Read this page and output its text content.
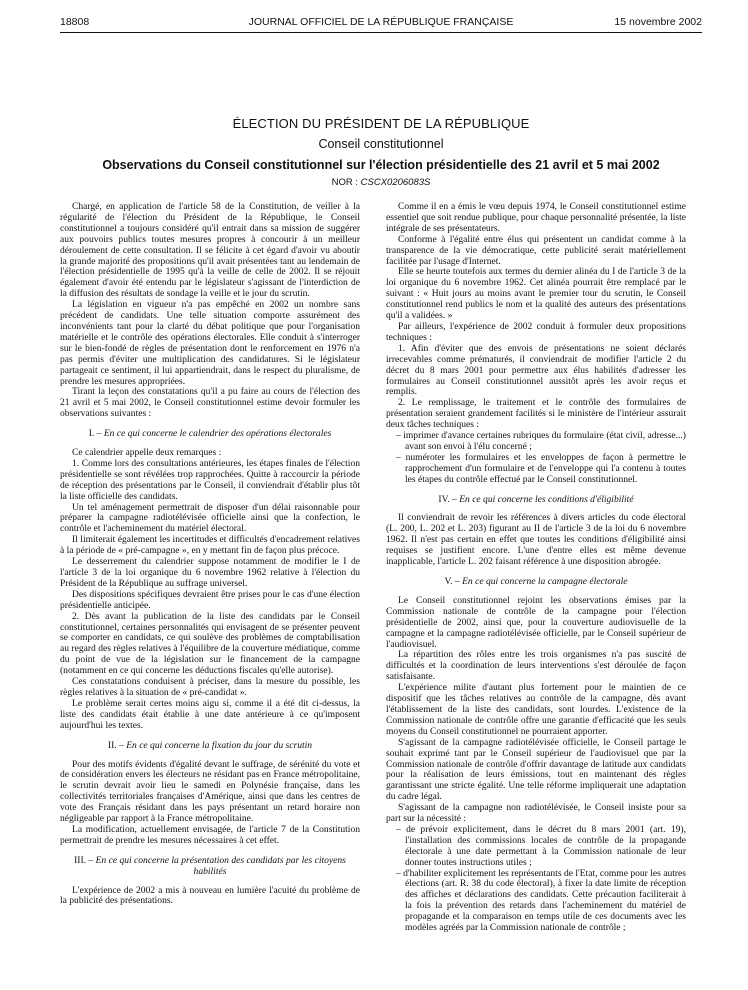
18808	JOURNAL OFFICIEL DE LA RÉPUBLIQUE FRANÇAISE	15 novembre 2002
ÉLECTION DU PRÉSIDENT DE LA RÉPUBLIQUE
Conseil constitutionnel
Observations du Conseil constitutionnel sur l'élection présidentielle des 21 avril et 5 mai 2002
NOR : CSCX0206083S

Chargé, en application de l'article 58 de la Constitution, de veiller à la régularité de l'élection du Président de la République, le Conseil constitutionnel a toujours considéré qu'il entrait dans sa mission de suggérer aux pouvoirs publics toutes mesures propres à concourir à un meilleur déroulement de cette consultation. Il se félicite à cet égard d'avoir vu aboutir la grande majorité des propositions qu'il avait présentées tant au lendemain de l'élection présidentielle de 1995 qu'à la veille de celle de 2002. Il se réjouit également d'avoir été entendu par le législateur s'agissant de l'interdiction de la diffusion des résultats de sondage la veille et le jour du scrutin.

La législation en vigueur n'a pas empêché en 2002 un nombre sans précédent de candidats. Une telle situation comporte assurément des inconvénients tant pour la clarté du débat politique que pour l'organisation matérielle et le contrôle des opérations électorales. Elle conduit à s'interroger sur le bien-fondé de règles de présentation dont le renforcement en 1976 n'a pas permis d'éviter une multiplication des candidatures. Si le législateur partageait ce sentiment, il lui appartiendrait, dans le respect du pluralisme, de prendre les mesures appropriées.

Tirant la leçon des constatations qu'il a pu faire au cours de l'élection des 21 avril et 5 mai 2002, le Conseil constitutionnel estime devoir formuler les observations suivantes :

I. – En ce qui concerne le calendrier des opérations électorales

Ce calendrier appelle deux remarques :

1. Comme lors des consultations antérieures, les étapes finales de l'élection présidentielle se sont révélées trop rapprochées. Quitte à raccourcir la période de réception des présentations par le Conseil, il conviendrait d'établir plus tôt la liste officielle des candidats.

Un tel aménagement permettrait de disposer d'un délai raisonnable pour préparer la campagne radiotélévisée officielle ainsi que la confection, le contrôle et l'acheminement du matériel électoral.

Il limiterait également les incertitudes et difficultés d'encadrement relatives à la période de « pré-campagne », en y mettant fin de façon plus précoce.

Le desserrement du calendrier suppose notamment de modifier le I de l'article 3 de la loi organique du 6 novembre 1962 relative à l'élection du Président de la République au suffrage universel.

Des dispositions spécifiques devraient être prises pour le cas d'une élection présidentielle anticipée.

2. Dès avant la publication de la liste des candidats par le Conseil constitutionnel, certaines personnalités qui envisagent de se présenter peuvent se comporter en candidats, ce qui soulève des problèmes de comptabilisation au regard des règles relatives à l'équilibre de la couverture médiatique, comme du point de vue de la législation sur le financement de la campagne (notamment en ce qui concerne les déductions fiscales qu'elle autorise).

Ces constatations conduisent à préciser, dans la mesure du possible, les règles relatives à la situation de « pré-candidat ».

Le problème serait certes moins aigu si, comme il a été dit ci-dessus, la liste des candidats était établie à une date antérieure à ce qu'imposent aujourd'hui les textes.

II. – En ce qui concerne la fixation du jour du scrutin

Pour des motifs évidents d'égalité devant le suffrage, de sérénité du vote et de considération envers les électeurs ne résidant pas en France métropolitaine, le scrutin devrait avoir lieu le samedi en Polynésie française, dans les collectivités territoriales françaises d'Amérique, ainsi que dans les centres de vote des Français résidant dans les pays présentant un retard horaire non négligeable par rapport à la France métropolitaine.

La modification, actuellement envisagée, de l'article 7 de la Constitution permettrait de prendre les mesures nécessaires à cet effet.

III. – En ce qui concerne la présentation des candidats par les citoyens habilités

L'expérience de 2002 a mis à nouveau en lumière l'acuité du problème de la publicité des présentations.

Comme il en a émis le vœu depuis 1974, le Conseil constitutionnel estime essentiel que soit rendue publique, pour chaque personnalité présentée, la liste intégrale de ses présentateurs.

Conforme à l'égalité entre élus qui présentent un candidat comme à la transparence de la vie démocratique, cette publicité serait matériellement facilitée par l'usage d'Internet.

Elle se heurte toutefois aux termes du dernier alinéa du I de l'article 3 de la loi organique du 6 novembre 1962. Cet alinéa pourrait être remplacé par le suivant : « Huit jours au moins avant le premier tour du scrutin, le Conseil constitutionnel rend publics le nom et la qualité des auteurs des présentations qu'il a validées. »

Par ailleurs, l'expérience de 2002 conduit à formuler deux propositions techniques :

1. Afin d'éviter que des envois de présentations ne soient déclarés irrecevables comme prématurés, il conviendrait de modifier l'article 2 du décret du 8 mars 2001 pour permettre aux élus habilités d'adresser les formulaires au Conseil constitutionnel aussitôt après les avoir reçus et remplis.

2. Le remplissage, le traitement et le contrôle des formulaires de présentation seraient grandement facilités si le ministère de l'intérieur assurait deux tâches techniques :

– imprimer d'avance certaines rubriques du formulaire (état civil, adresse...) avant son envoi à l'élu concerné ;

– numéroter les formulaires et les enveloppes de façon à permettre le rapprochement d'un formulaire et de l'enveloppe qui l'a contenu à toutes les étapes du contrôle effectué par le Conseil constitutionnel.

IV. – En ce qui concerne les conditions d'éligibilité

Il conviendrait de revoir les références à divers articles du code électoral (L. 200, L. 202 et L. 203) figurant au II de l'article 3 de la loi du 6 novembre 1962. Il n'est pas certain en effet que toutes les conditions d'éligibilité ainsi requises se justifient encore. L'une d'entre elles est même devenue inapplicable, l'article L. 202 faisant référence à une disposition abrogée.

V. – En ce qui concerne la campagne électorale

Le Conseil constitutionnel rejoint les observations émises par la Commission nationale de contrôle de la campagne pour l'élection présidentielle de 2002, ainsi que, pour la couverture audiovisuelle de la campagne et la campagne radiotélévisée officielle, par le Conseil supérieur de l'audiovisuel.

La répartition des rôles entre les trois organismes n'a pas suscité de difficultés et la coordination de leurs interventions s'est déroulée de façon satisfaisante.

L'expérience milite d'autant plus fortement pour le maintien de ce dispositif que les tâches relatives au contrôle de la campagne, dès avant l'établissement de la liste des candidats, sont lourdes. L'existence de la Commission nationale de contrôle offre une garantie d'efficacité que les seuls moyens du Conseil constitutionnel ne pourraient apporter.

S'agissant de la campagne radiotélévisée officielle, le Conseil partage le souhait exprimé tant par le Conseil supérieur de l'audiovisuel que par la Commission nationale de contrôle d'offrir davantage de latitude aux candidats pour la réalisation de leurs émissions, tout en maintenant des règles garantissant une stricte égalité. Une telle réforme impliquerait une adaptation du cadre légal.

S'agissant de la campagne non radiotélévisée, le Conseil insiste pour sa part sur la nécessité :

– de prévoir explicitement, dans le décret du 8 mars 2001 (art. 19), l'installation des commissions locales de contrôle de la propagande électorale à une date permettant à la Commission nationale de leur donner toutes instructions utiles ;

– d'habiliter explicitement les représentants de l'Etat, comme pour les autres élections (art. R. 38 du code électoral), à fixer la date limite de réception des affiches et déclarations des candidats. Cette précaution faciliterait à la fois la prévention des retards dans l'acheminement du matériel de propagande et la comparaison en temps utile de ces documents avec les modèles agréés par la Commission nationale de contrôle ;
